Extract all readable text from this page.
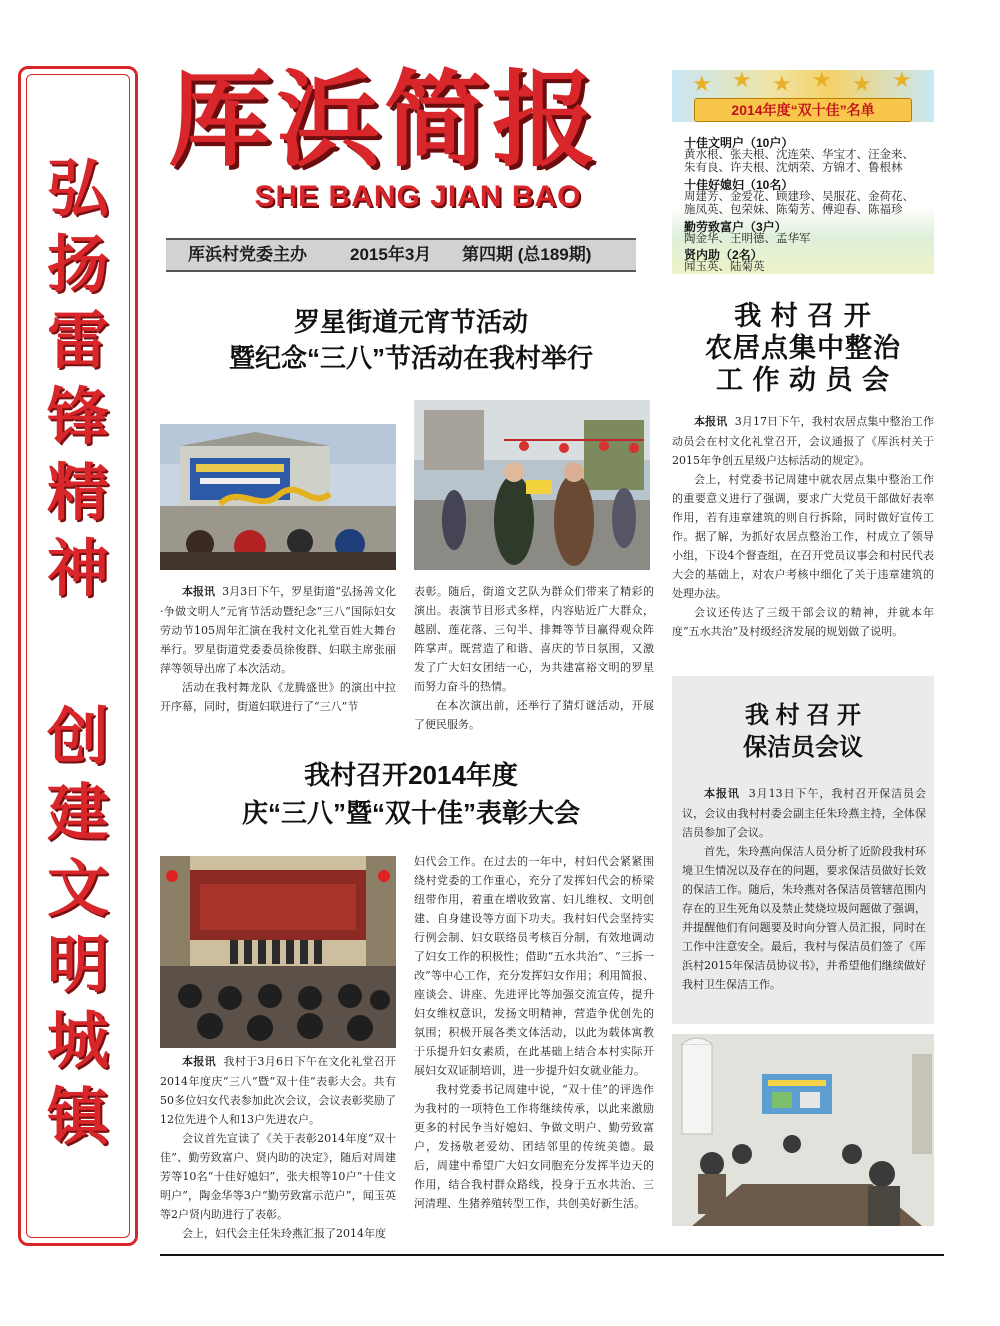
弘
扬
雷
锋
精
神
创
建
文
明
城
镇
厍浜简报
SHE BANG JIAN BAO
厍浜村党委主办	2015年3月 第四期 (总189期)
★ ★ ★ ★ ★ ★
2014年度“双十佳”名单
十佳文明户（10户）
黄水根、张夫根、沈连荣、华宝才、汪金来、
朱有良、许夫根、沈炳荣、方锦才、鲁根林
十佳好媳妇（10名）
周建芳、金爱花、顾建珍、吴服花、金荷花、
施凤英、包荣妹、陈菊芳、傅迎春、陈福珍
勤劳致富户（3户）
陶金华、王明德、孟华军
贤内助（2名）
闻玉英、陆菊英
罗星街道元宵节活动
暨纪念“三八”节活动在我村举行
本报讯 3月3日下午，罗星街道“弘扬善文化·争做文明人”元宵节活动暨纪念“三八”国际妇女劳动节105周年汇演在我村文化礼堂百姓大舞台举行。罗星街道党委委员徐俊群、妇联主席张丽萍等领导出席了本次活动。
活动在我村舞龙队《龙腾盛世》的演出中拉开序幕，同时，街道妇联进行了“三八”节
表彰。随后，街道文艺队为群众们带来了精彩的演出。表演节目形式多样，内容贴近广大群众，越剧、莲花落、三句半、排舞等节目赢得观众阵阵掌声。既营造了和谐、喜庆的节日氛围，又激发了广大妇女团结一心，为共建富裕文明的罗星而努力奋斗的热情。
在本次演出前，还举行了猜灯谜活动，开展了便民服务。
我村召开2014年度
庆“三八”暨“双十佳”表彰大会
本报讯 我村于3月6日下午在文化礼堂召开2014年度庆“三八”暨“双十佳”表彰大会。共有50多位妇女代表参加此次会议，会议表彰奖励了12位先进个人和13户先进农户。
会议首先宣读了《关于表彰2014年度“双十佳”、勤劳致富户、贤内助的决定》，随后对周建芳等10名“十佳好媳妇”，张夫根等10户“十佳文明户”，陶金华等3户“勤劳致富示范户”，闻玉英等2户贤内助进行了表彰。
会上，妇代会主任朱玲燕汇报了2014年度
妇代会工作。在过去的一年中，村妇代会紧紧围绕村党委的工作重心，充分了发挥妇代会的桥梁纽带作用，着重在增收致富、妇儿维权、文明创建、自身建设等方面下功夫。我村妇代会坚持实行例会制、妇女联络员考核百分制，有效地调动了妇女工作的积极性；借助“五水共治”、“三拆一改”等中心工作，充分发挥妇女作用；利用简报、座谈会、讲座、先进评比等加强交流宣传，提升妇女维权意识，发扬文明精神，营造争优创先的氛围；积极开展各类文体活动，以此为载体寓教于乐提升妇女素质，在此基础上结合本村实际开展妇女双证制培训，进一步提升妇女就业能力。
我村党委书记周建中说，“双十佳”的评选作为我村的一项特色工作将继续传承，以此来激励更多的村民争当好媳妇、争做文明户、勤劳致富户，发扬敬老爱幼、团结邻里的传统美德。最后，周建中希望广大妇女同胞充分发挥半边天的作用，结合我村群众路线，投身于五水共治、三河清理、生猪养殖转型工作，共创美好新生活。
我 村 召 开
农居点集中整治
工 作 动 员 会
本报讯 3月17日下午，我村农居点集中整治工作动员会在村文化礼堂召开，会议通报了《厍浜村关于2015年争创五星级户达标活动的规定》。
会上，村党委书记周建中就农居点集中整治工作的重要意义进行了强调，要求广大党员干部做好表率作用，若有违章建筑的则自行拆除，同时做好宣传工作。据了解，为抓好农居点整治工作，村成立了领导小组，下设4个督查组，在召开党员议事会和村民代表大会的基础上，对农户考核中细化了关于违章建筑的处理办法。
会议还传达了三级干部会议的精神，并就本年度“五水共治”及村级经济发展的规划做了说明。
我 村 召 开
保洁员会议
本报讯 3月13日下午，我村召开保洁员会议，会议由我村村委会副主任朱玲燕主持，全体保洁员参加了会议。
首先，朱玲燕向保洁人员分析了近阶段我村环境卫生情况以及存在的问题，要求保洁员做好长效的保洁工作。随后，朱玲燕对各保洁员管辖范围内存在的卫生死角以及禁止焚烧垃圾问题做了强调，并提醒他们有问题要及时向分管人员汇报，同时在工作中注意安全。最后，我村与保洁员们签了《厍浜村2015年保洁员协议书》，并希望他们继续做好我村卫生保洁工作。
